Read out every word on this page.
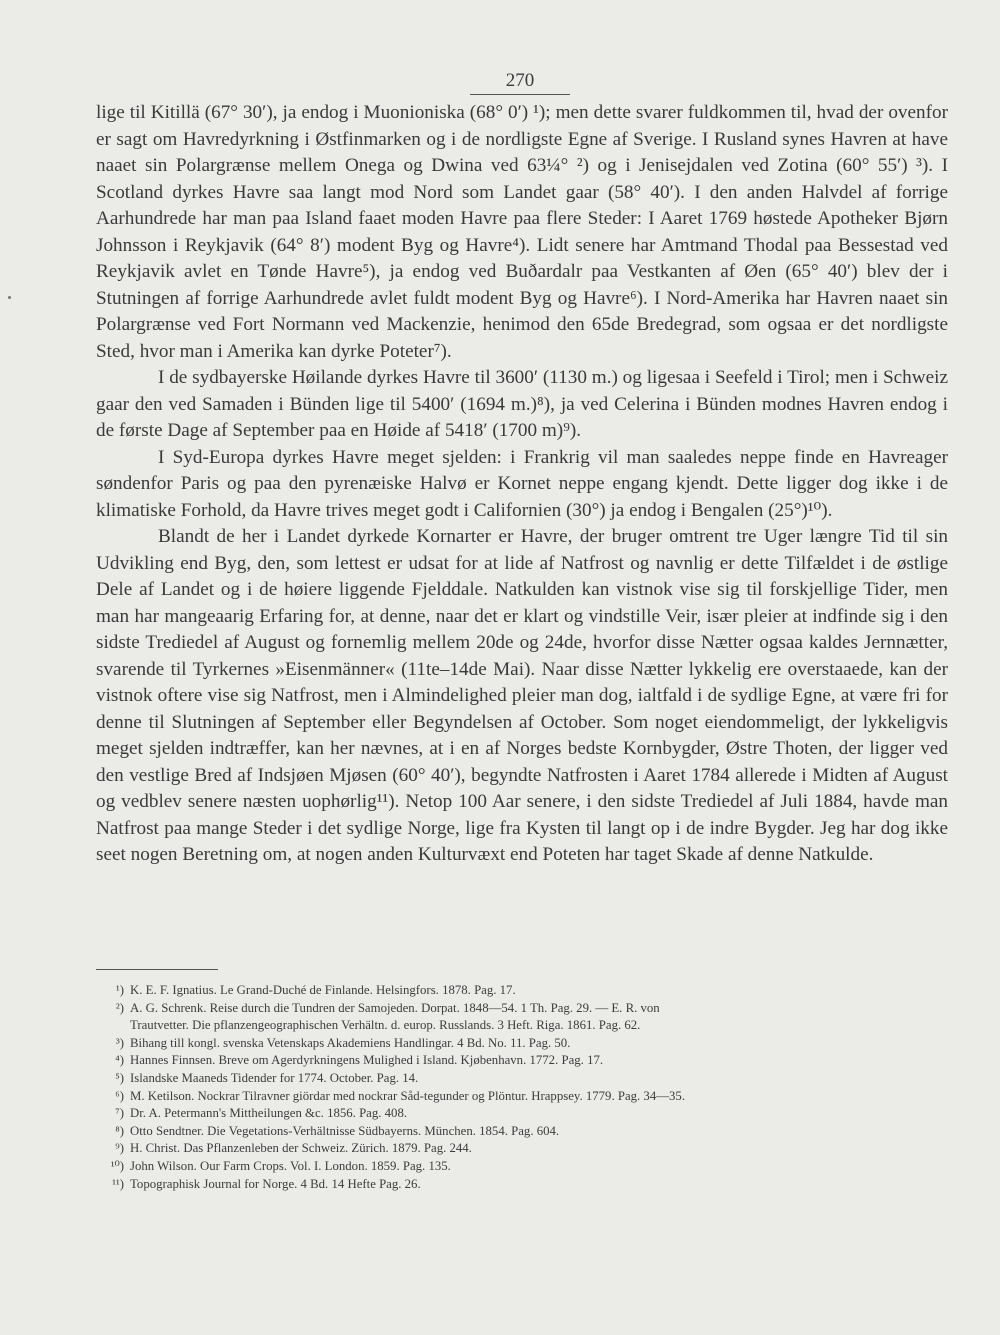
270

lige til Kitillä (67° 30′), ja endog i Muonioniska (68° 0′) ¹); men dette svarer fuldkommen til, hvad der ovenfor er sagt om Havredyrkning i Østfinmarken og i de nordligste Egne af Sverige. I Rusland synes Havren at have naaet sin Polargrænse mellem Onega og Dwina ved 63¼° ²) og i Jenisejdalen ved Zotina (60° 55′) ³). I Scotland dyrkes Havre saa langt mod Nord som Landet gaar (58° 40′). I den anden Halvdel af forrige Aarhundrede har man paa Island faaet moden Havre paa flere Steder: I Aaret 1769 høstede Apotheker Bjørn Johnsson i Reykjavik (64° 8′) modent Byg og Havre⁴). Lidt senere har Amtmand Thodal paa Bessestad ved Reykjavik avlet en Tønde Havre⁵), ja endog ved Buðardalr paa Vestkanten af Øen (65° 40′) blev der i Stutningen af forrige Aarhundrede avlet fuldt modent Byg og Havre⁶). I Nord-Amerika har Havren naaet sin Polargrænse ved Fort Normann ved Mackenzie, henimod den 65de Bredegrad, som ogsaa er det nordligste Sted, hvor man i Amerika kan dyrke Poteter⁷).

I de sydbayerske Høilande dyrkes Havre til 3600′ (1130 m.) og ligesaa i Seefeld i Tirol; men i Schweiz gaar den ved Samaden i Bünden lige til 5400′ (1694 m.)⁸), ja ved Celerina i Bünden modnes Havren endog i de første Dage af September paa en Høide af 5418′ (1700 m)⁹).

I Syd-Europa dyrkes Havre meget sjelden: i Frankrig vil man saaledes neppe finde en Havreager søndenfor Paris og paa den pyrenæiske Halvø er Kornet neppe engang kjendt. Dette ligger dog ikke i de klimatiske Forhold, da Havre trives meget godt i Californien (30°) ja endog i Bengalen (25°)¹⁰).

Blandt de her i Landet dyrkede Kornarter er Havre, der bruger omtrent tre Uger længre Tid til sin Udvikling end Byg, den, som lettest er udsat for at lide af Natfrost og navnlig er dette Tilfældet i de østlige Dele af Landet og i de høiere liggende Fjelddale. Natkulden kan vistnok vise sig til forskjellige Tider, men man har mangeaarig Erfaring for, at denne, naar det er klart og vindstille Veir, især pleier at indfinde sig i den sidste Trediedel af August og fornemlig mellem 20de og 24de, hvorfor disse Nætter ogsaa kaldes Jernnætter, svarende til Tyrkernes »Eisenmänner« (11te–14de Mai). Naar disse Nætter lykkelig ere overstaaede, kan der vistnok oftere vise sig Natfrost, men i Almindelighed pleier man dog, ialtfald i de sydlige Egne, at være fri for denne til Slutningen af September eller Begyndelsen af October. Som noget eiendommeligt, der lykkeligvis meget sjelden indtræffer, kan her nævnes, at i en af Norges bedste Kornbygder, Østre Thoten, der ligger ved den vestlige Bred af Indsjøen Mjøsen (60° 40′), begyndte Natfrosten i Aaret 1784 allerede i Midten af August og vedblev senere næsten uophørlig¹¹). Netop 100 Aar senere, i den sidste Trediedel af Juli 1884, havde man Natfrost paa mange Steder i det sydlige Norge, lige fra Kysten til langt op i de indre Bygder. Jeg har dog ikke seet nogen Beretning om, at nogen anden Kulturvæxt end Poteten har taget Skade af denne Natkulde.

¹) K. E. F. Ignatius. Le Grand-Duché de Finlande. Helsingfors. 1878. Pag. 17.
²) A. G. Schrenk. Reise durch die Tundren der Samojeden. Dorpat. 1848—54. 1 Th. Pag. 29. — E. R. von
Trautvetter. Die pflanzengeographischen Verhältn. d. europ. Russlands. 3 Heft. Riga. 1861. Pag. 62.
³) Bihang till kongl. svenska Vetenskaps Akademiens Handlingar. 4 Bd. No. 11. Pag. 50.
⁴) Hannes Finnsen. Breve om Agerdyrkningens Mulighed i Island. Kjøbenhavn. 1772. Pag. 17.
⁵) Islandske Maaneds Tidender for 1774. October. Pag. 14.
⁶) M. Ketilson. Nockrar Tilravner giördar med nockrar Såd-tegunder og Plöntur. Hrappsey. 1779. Pag. 34—35.
⁷) Dr. A. Petermann's Mittheilungen &c. 1856. Pag. 408.
⁸) Otto Sendtner. Die Vegetations-Verhältnisse Südbayerns. München. 1854. Pag. 604.
⁹) H. Christ. Das Pflanzenleben der Schweiz. Zürich. 1879. Pag. 244.
¹⁰) John Wilson. Our Farm Crops. Vol. I. London. 1859. Pag. 135.
¹¹) Topographisk Journal for Norge. 4 Bd. 14 Hefte Pag. 26.
